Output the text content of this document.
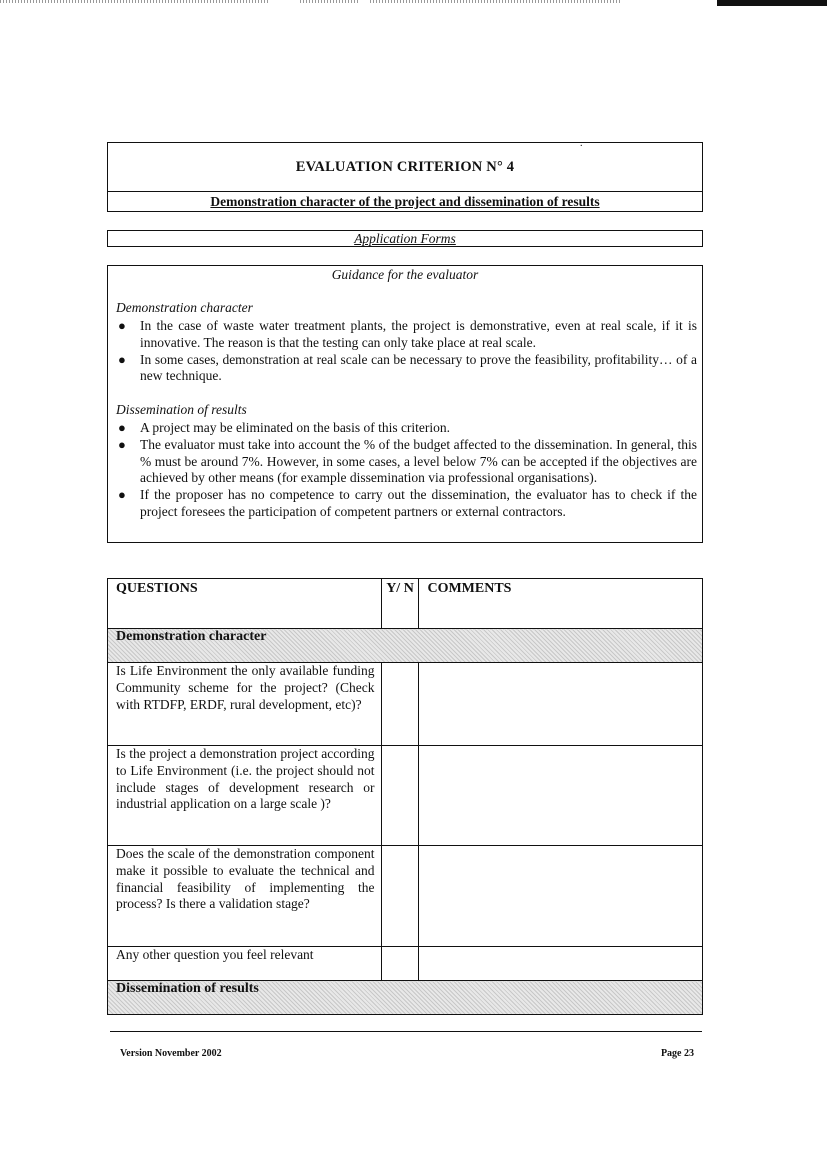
.
EVALUATION CRITERION N° 4
Demonstration character of the project and dissemination of results
Application Forms
Guidance for the evaluator
Demonstration character
● In the case of waste water treatment plants, the project is demonstrative, even at real scale, if it is innovative. The reason is that the testing can only take place at real scale.
● In some cases, demonstration at real scale can be necessary to prove the feasibility, profitability… of a new technique.
Dissemination of results
● A project may be eliminated on the basis of this criterion.
● The evaluator must take into account the % of the budget affected to the dissemination. In general, this % must be around 7%. However, in some cases, a level below 7% can be accepted if the objectives are achieved by other means (for example dissemination via professional organisations).
● If the proposer has no competence to carry out the dissemination, the evaluator has to check if the project foresees the participation of competent partners or external contractors.
QUESTIONS	Y/ N	COMMENTS
Demonstration character		
Is Life Environment the only available funding Community scheme for the project? (Check with RTDFP, ERDF, rural development, etc)?		
Is the project a demonstration project according to Life Environment (i.e. the project should not include stages of development research or industrial application on a large scale )?		
Does the scale of the demonstration component make it possible to evaluate the technical and financial feasibility of implementing the process? Is there a validation stage?		
Any other question you feel relevant		
Dissemination of results		
Version November 2002	Page 23
